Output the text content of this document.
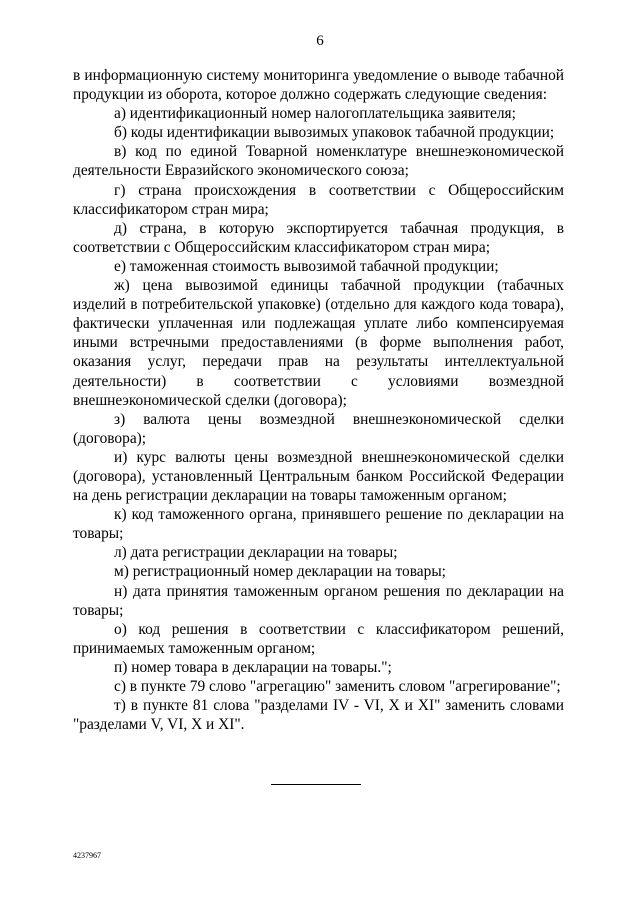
6

в информационную систему мониторинга уведомление о выводе табачной продукции из оборота, которое должно содержать следующие сведения:

а) идентификационный номер налогоплательщика заявителя;

б) коды идентификации вывозимых упаковок табачной продукции;

в) код по единой Товарной номенклатуре внешнеэкономической деятельности Евразийского экономического союза;

г) страна происхождения в соответствии с Общероссийским классификатором стран мира;

д) страна, в которую экспортируется табачная продукция, в соответствии с Общероссийским классификатором стран мира;

е) таможенная стоимость вывозимой табачной продукции;

ж) цена вывозимой единицы табачной продукции (табачных изделий в потребительской упаковке) (отдельно для каждого кода товара), фактически уплаченная или подлежащая уплате либо компенсируемая иными встречными предоставлениями (в форме выполнения работ, оказания услуг, передачи прав на результаты интеллектуальной деятельности) в соответствии с условиями возмездной внешнеэкономической сделки (договора);

з) валюта цены возмездной внешнеэкономической сделки (договора);

и) курс валюты цены возмездной внешнеэкономической сделки (договора), установленный Центральным банком Российской Федерации на день регистрации декларации на товары таможенным органом;

к) код таможенного органа, принявшего решение по декларации на товары;

л) дата регистрации декларации на товары;

м) регистрационный номер декларации на товары;

н) дата принятия таможенным органом решения по декларации на товары;

о) код решения в соответствии с классификатором решений, принимаемых таможенным органом;

п) номер товара в декларации на товары.";

с) в пункте 79 слово "агрегацию" заменить словом "агрегирование";

т) в пункте 81 слова "разделами IV - VI, X и XI" заменить словами "разделами V, VI, X и XI".

4237967
